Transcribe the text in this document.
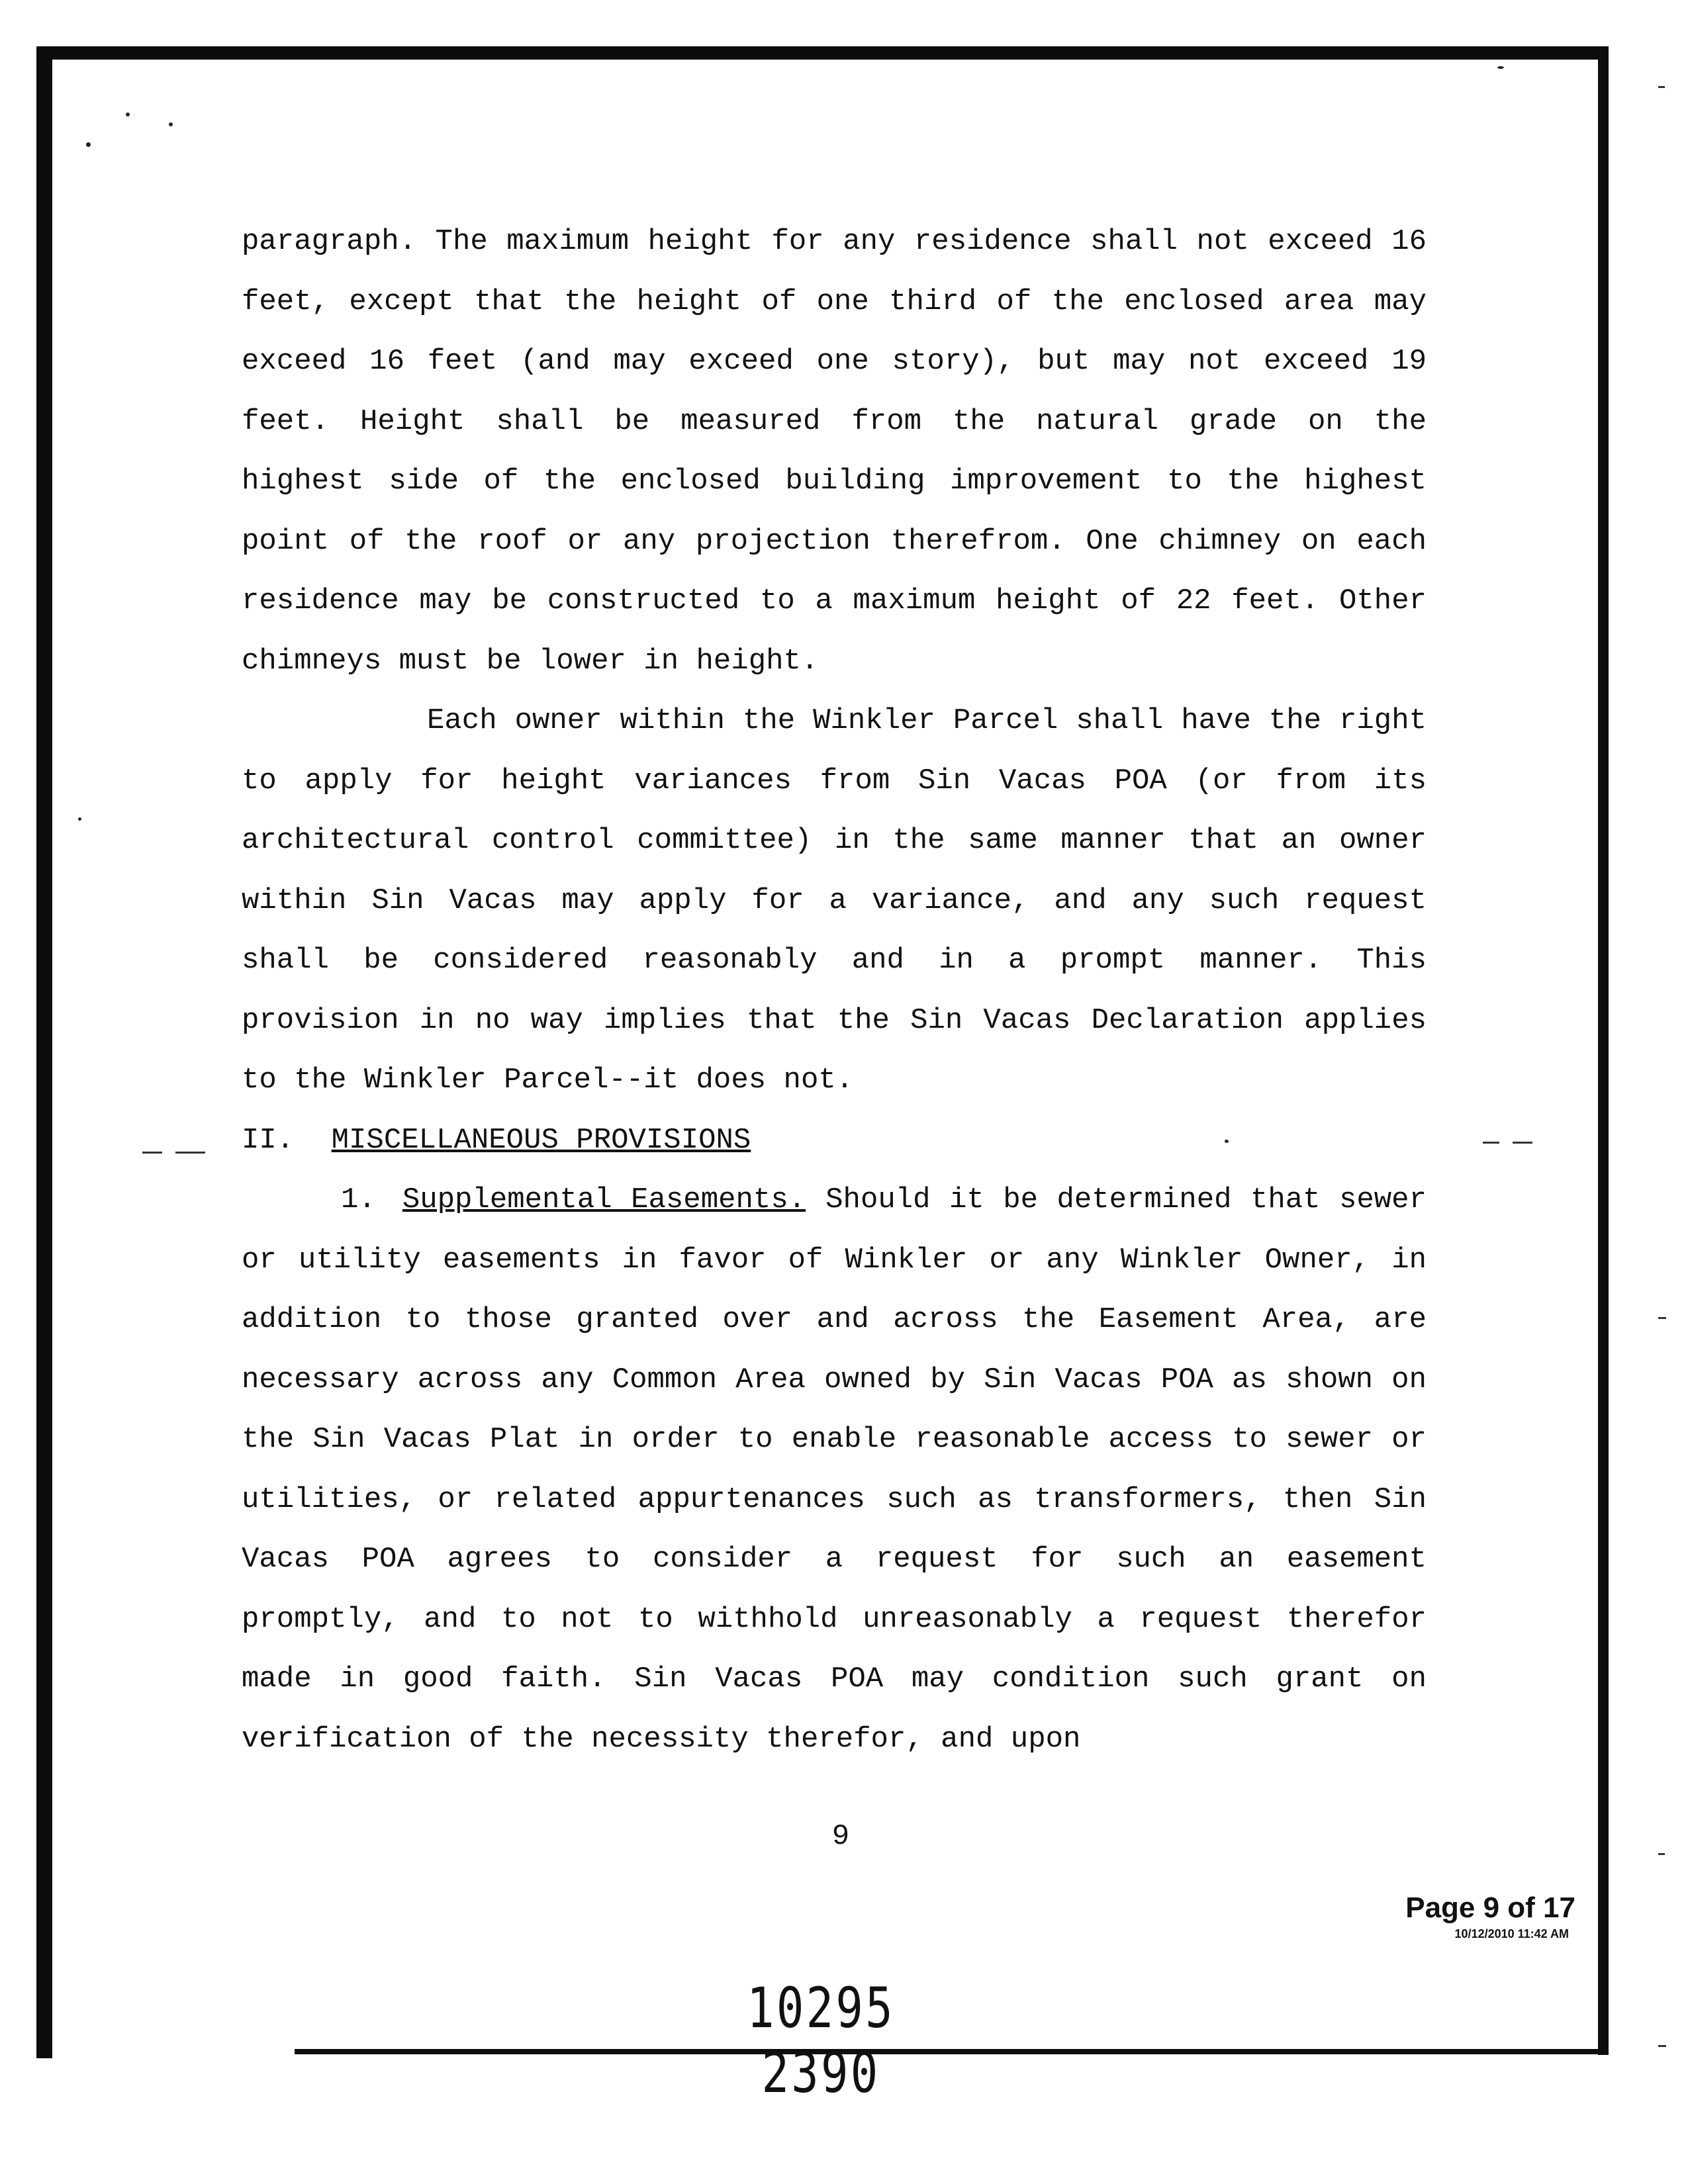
paragraph. The maximum height for any residence shall not exceed 16 feet, except that the height of one third of the enclosed area may exceed 16 feet (and may exceed one story), but may not exceed 19 feet. Height shall be measured from the natural grade on the highest side of the enclosed building improvement to the highest point of the roof or any projection therefrom. One chimney on each residence may be constructed to a maximum height of 22 feet. Other chimneys must be lower in height.

Each owner within the Winkler Parcel shall have the right to apply for height variances from Sin Vacas POA (or from its architectural control committee) in the same manner that an owner within Sin Vacas may apply for a variance, and any such request shall be considered reasonably and in a prompt manner. This provision in no way implies that the Sin Vacas Declaration applies to the Winkler Parcel--it does not.

II. MISCELLANEOUS PROVISIONS

1. Supplemental Easements. Should it be determined that sewer or utility easements in favor of Winkler or any Winkler Owner, in addition to those granted over and across the Easement Area, are necessary across any Common Area owned by Sin Vacas POA as shown on the Sin Vacas Plat in order to enable reasonable access to sewer or utilities, or related appurtenances such as transformers, then Sin Vacas POA agrees to consider a request for such an easement promptly, and to not to withhold unreasonably a request therefor made in good faith. Sin Vacas POA may condition such grant on verification of the necessity therefor, and upon

9
Page 9 of 17
10/12/2010 11:42 AM
10295 2390
